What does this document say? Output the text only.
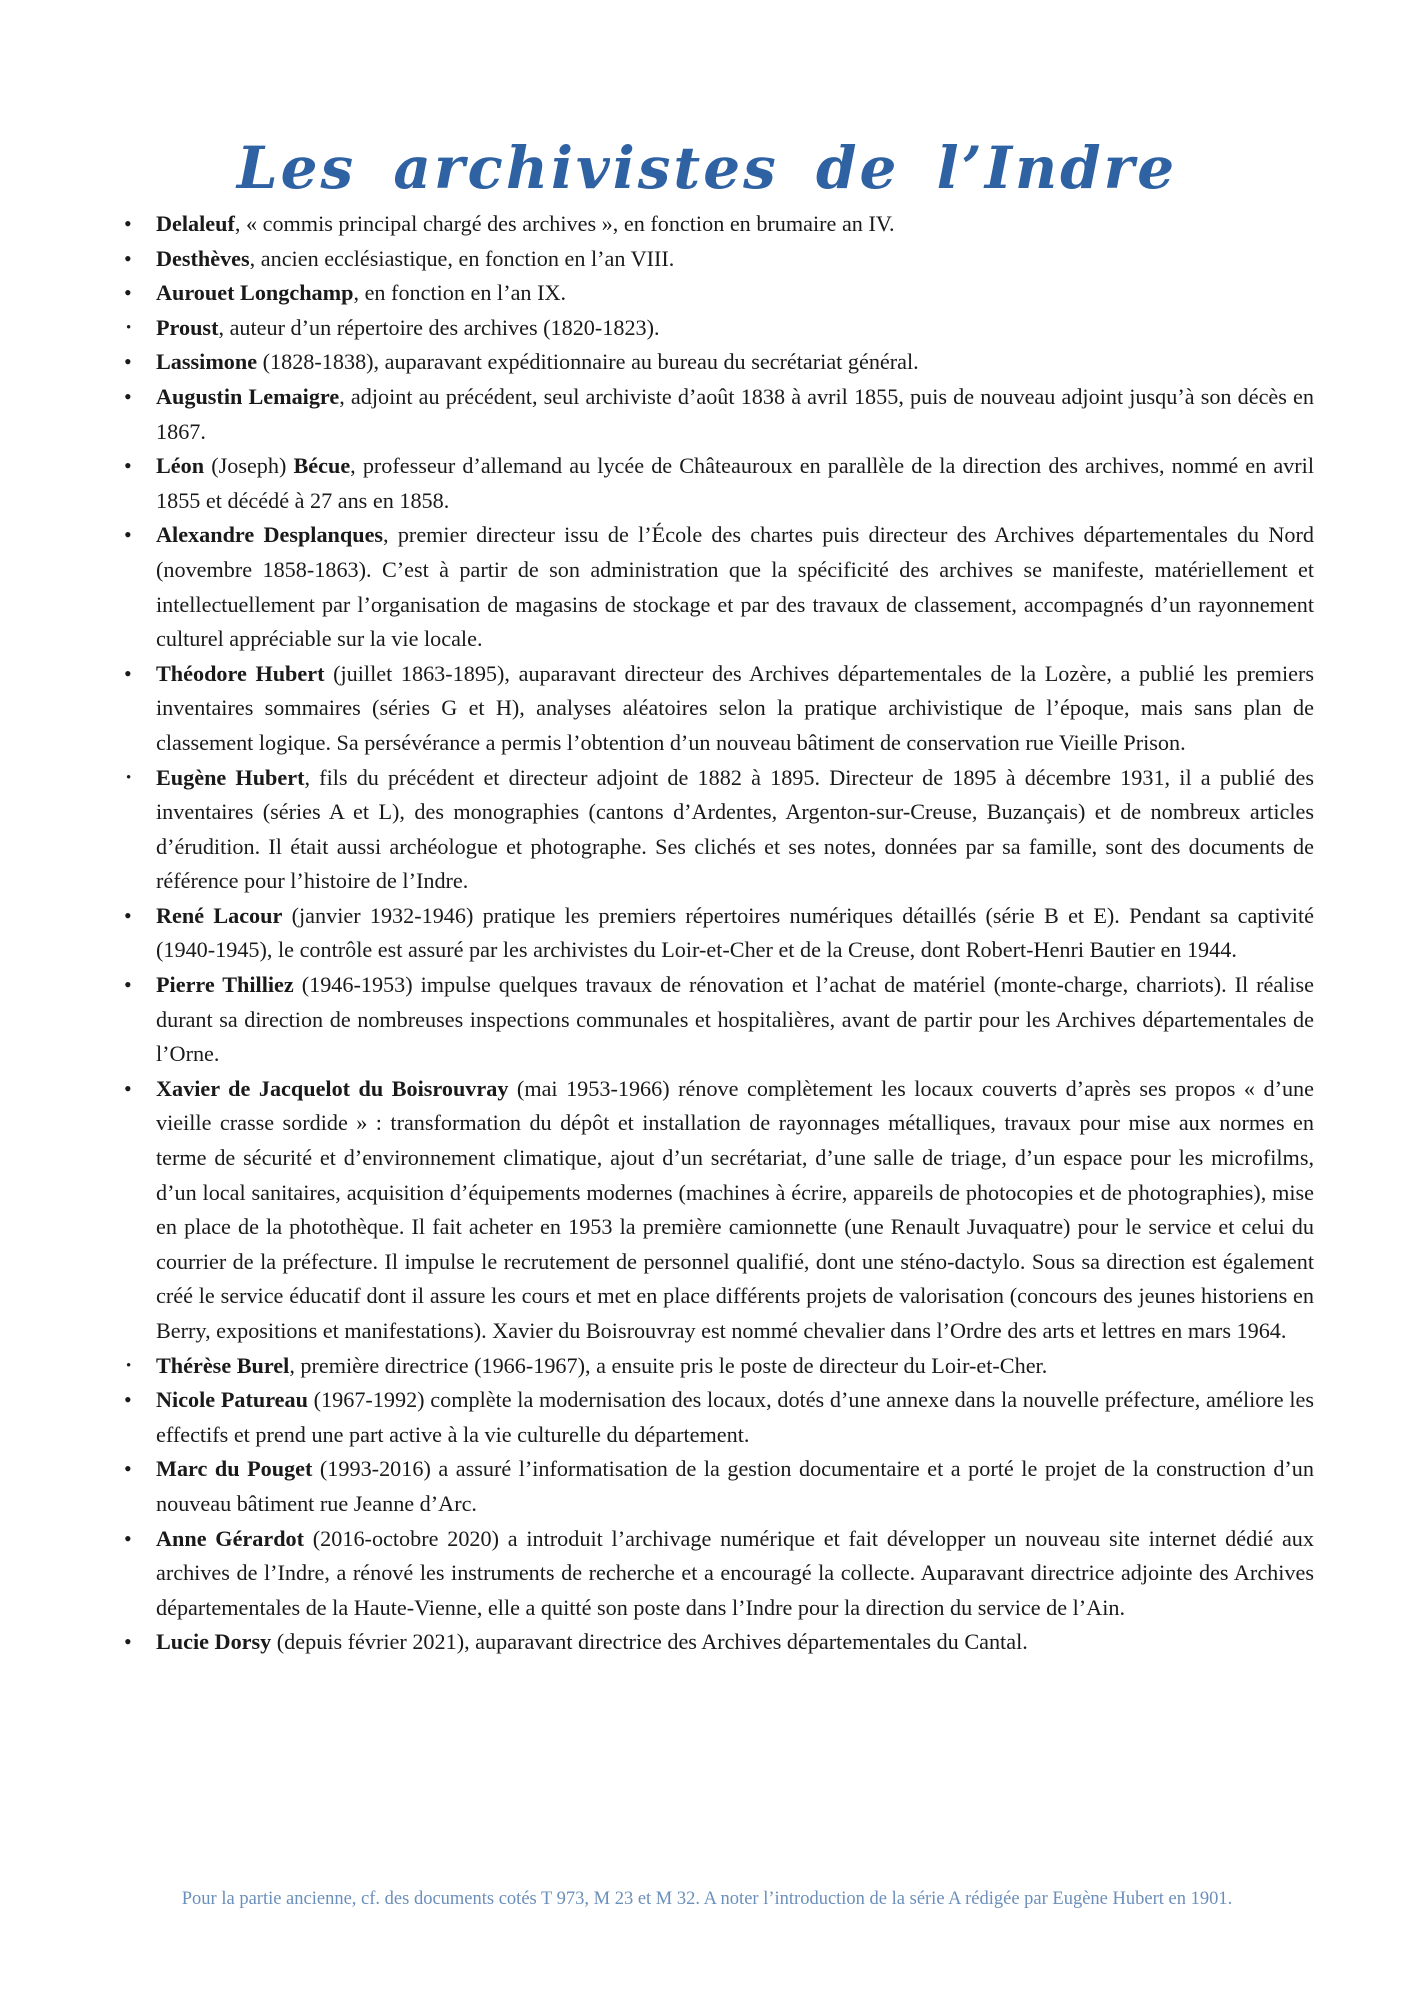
Les archivistes de l’Indre
• Delaleuf, « commis principal chargé des archives », en fonction en brumaire an IV.
• Desthèves, ancien ecclésiastique, en fonction en l’an VIII.
• Aurouet Longchamp, en fonction en l’an IX.
• Proust, auteur d’un répertoire des archives (1820-1823).
• Lassimone (1828-1838), auparavant expéditionnaire au bureau du secrétariat général.
• Augustin Lemaigre, adjoint au précédent, seul archiviste d’août 1838 à avril 1855, puis de nouveau adjoint jusqu’à son décès en 1867.
• Léon (Joseph) Bécue, professeur d’allemand au lycée de Châteauroux en parallèle de la direction des archives, nommé en avril 1855 et décédé à 27 ans en 1858.
• Alexandre Desplanques, premier directeur issu de l’École des chartes puis directeur des Archives départementales du Nord (novembre 1858-1863). C’est à partir de son administration que la spécificité des archives se manifeste, matériellement et intellectuellement par l’organisation de magasins de stockage et par des travaux de classement, accompagnés d’un rayonnement culturel appréciable sur la vie locale.
• Théodore Hubert (juillet 1863-1895), auparavant directeur des Archives départementales de la Lozère, a publié les premiers inventaires sommaires (séries G et H), analyses aléatoires selon la pratique archivistique de l’époque, mais sans plan de classement logique. Sa persévérance a permis l’obtention d’un nouveau bâtiment de conservation rue Vieille Prison.
• Eugène Hubert, fils du précédent et directeur adjoint de 1882 à 1895. Directeur de 1895 à décembre 1931, il a publié des inventaires (séries A et L), des monographies (cantons d’Ardentes, Argenton-sur-Creuse, Buzançais) et de nombreux articles d’érudition. Il était aussi archéologue et photographe. Ses clichés et ses notes, données par sa famille, sont des documents de référence pour l’histoire de l’Indre.
• René Lacour (janvier 1932-1946) pratique les premiers répertoires numériques détaillés (série B et E). Pendant sa captivité (1940-1945), le contrôle est assuré par les archivistes du Loir-et-Cher et de la Creuse, dont Robert-Henri Bautier en 1944.
• Pierre Thilliez (1946-1953) impulse quelques travaux de rénovation et l’achat de matériel (monte-charge, charriots). Il réalise durant sa direction de nombreuses inspections communales et hospitalières, avant de partir pour les Archives départementales de l’Orne.
• Xavier de Jacquelot du Boisrouvray (mai 1953-1966) rénove complètement les locaux couverts d’après ses propos « d’une vieille crasse sordide » : transformation du dépôt et installation de rayonnages métalliques, travaux pour mise aux normes en terme de sécurité et d’environnement climatique, ajout d’un secrétariat, d’une salle de triage, d’un espace pour les microfilms, d’un local sanitaires, acquisition d’équipements modernes (machines à écrire, appareils de photocopies et de photographies), mise en place de la photothèque. Il fait acheter en 1953 la première camionnette (une Renault Juvaquatre) pour le service et celui du courrier de la préfecture. Il impulse le recrutement de personnel qualifié, dont une sténo-dactylo. Sous sa direction est également créé le service éducatif dont il assure les cours et met en place différents projets de valorisation (concours des jeunes historiens en Berry, expositions et manifestations). Xavier du Boisrouvray est nommé chevalier dans l’Ordre des arts et lettres en mars 1964.
• Thérèse Burel, première directrice (1966-1967), a ensuite pris le poste de directeur du Loir-et-Cher.
• Nicole Patureau (1967-1992) complète la modernisation des locaux, dotés d’une annexe dans la nouvelle préfecture, améliore les effectifs et prend une part active à la vie culturelle du département.
• Marc du Pouget (1993-2016) a assuré l’informatisation de la gestion documentaire et a porté le projet de la construction d’un nouveau bâtiment rue Jeanne d’Arc.
• Anne Gérardot (2016-octobre 2020) a introduit l’archivage numérique et fait développer un nouveau site internet dédié aux archives de l’Indre, a rénové les instruments de recherche et a encouragé la collecte. Auparavant directrice adjointe des Archives départementales de la Haute-Vienne, elle a quitté son poste dans l’Indre pour la direction du service de l’Ain.
• Lucie Dorsy (depuis février 2021), auparavant directrice des Archives départementales du Cantal.

Pour la partie ancienne, cf. des documents cotés T 973, M 23 et M 32. A noter l’introduction de la série A rédigée par Eugène Hubert en 1901.
